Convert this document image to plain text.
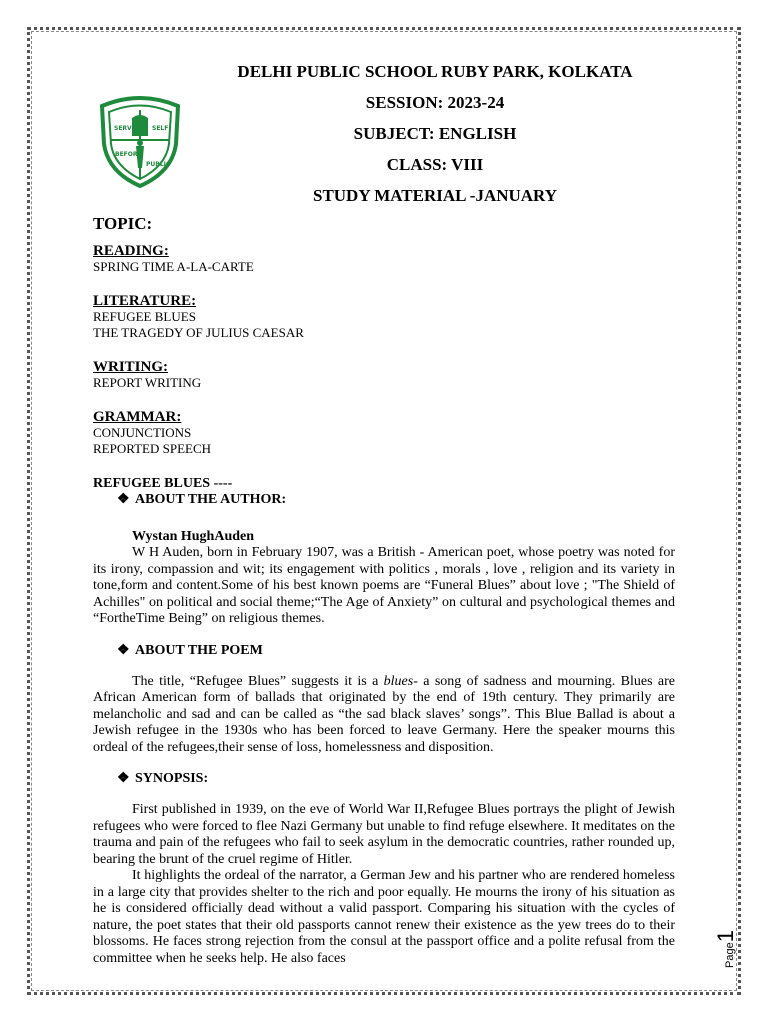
SERVICE SELF
BEFORE
PUBLIC
DELHI PUBLIC SCHOOL RUBY PARK, KOLKATA
SESSION: 2023-24
SUBJECT: ENGLISH
CLASS: VIII
STUDY MATERIAL -JANUARY
TOPIC:
READING:
SPRING TIME A-LA-CARTE
LITERATURE:
REFUGEE BLUES
THE TRAGEDY OF JULIUS CAESAR
WRITING:
REPORT WRITING
GRAMMAR:
CONJUNCTIONS
REPORTED SPEECH
REFUGEE BLUES ----
❖ ABOUT THE AUTHOR:
Wystan HughAuden

W H Auden, born in February 1907, was a British - American poet, whose poetry was noted for its irony, compassion and wit; its engagement with politics , morals , love , religion and its variety in tone,form and content.Some of his best known poems are “Funeral Blues” about love ; "The Shield of Achilles" on political and social theme;“The Age of Anxiety” on cultural and psychological themes and “FortheTime Being” on religious themes.

❖ ABOUT THE POEM

The title, “Refugee Blues” suggests it is a blues- a song of sadness and mourning. Blues are African American form of ballads that originated by the end of 19th century. They primarily are melancholic and sad and can be called as “the sad black slaves’ songs”. This Blue Ballad is about a Jewish refugee in the 1930s who has been forced to leave Germany. Here the speaker mourns this ordeal of the refugees,their sense of loss, homelessness and disposition.

❖ SYNOPSIS:

First published in 1939, on the eve of World War II,Refugee Blues portrays the plight of Jewish refugees who were forced to flee Nazi Germany but unable to find refuge elsewhere. It meditates on the trauma and pain of the refugees who fail to seek asylum in the democratic countries, rather rounded up, bearing the brunt of the cruel regime of Hitler.

It highlights the ordeal of the narrator, a German Jew and his partner who are rendered homeless in a large city that provides shelter to the rich and poor equally. He mourns the irony of his situation as he is considered officially dead without a valid passport. Comparing his situation with the cycles of nature, the poet states that their old passports cannot renew their existence as the yew trees do to their blossoms. He faces strong rejection from the consul at the passport office and a polite refusal from the committee when he seeks help. He also faces	Page1
